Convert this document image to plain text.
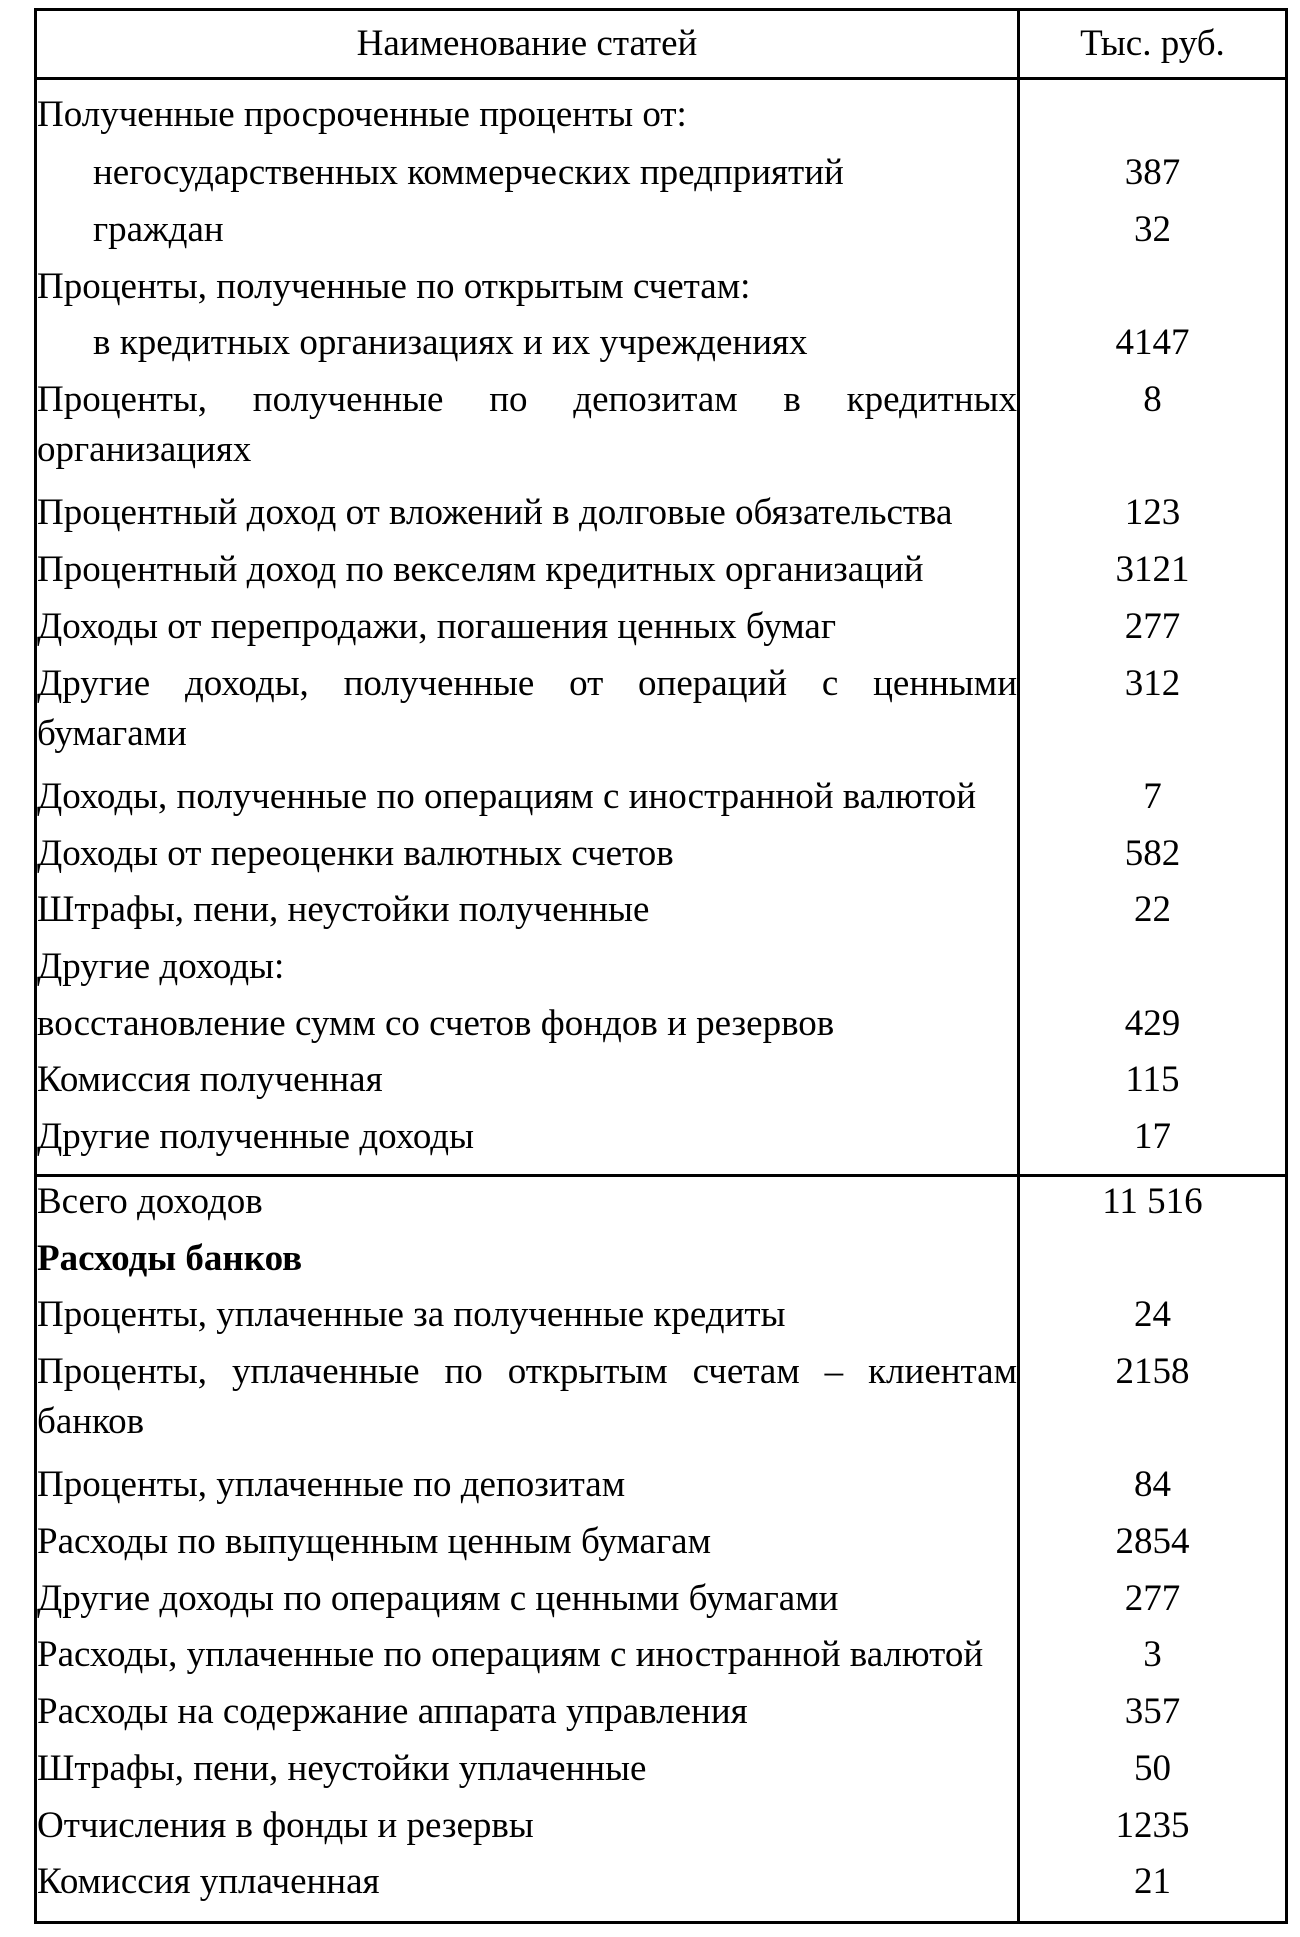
Наименование статей	Тыс. руб.
Полученные просроченные проценты от:	
негосударственных коммерческих предприятий	387
граждан	32
Проценты, полученные по открытым счетам:	
в кредитных организациях и их учреждениях	4147
Проценты, полученные по депозитам в кредитных организациях	8
Процентный доход от вложений в долговые обязательства	123
Процентный доход по векселям кредитных организаций	3121
Доходы от перепродажи, погашения ценных бумаг	277
Другие доходы, полученные от операций с ценными бумагами	312
Доходы, полученные по операциям с иностранной валютой	7
Доходы от переоценки валютных счетов	582
Штрафы, пени, неустойки полученные	22
Другие доходы:	
восстановление сумм со счетов фондов и резервов	429
Комиссия полученная	115
Другие полученные доходы	17
Всего доходов	11 516
Расходы банков	
Проценты, уплаченные за полученные кредиты	24
Проценты, уплаченные по открытым счетам – клиентам банков	2158
Проценты, уплаченные по депозитам	84
Расходы по выпущенным ценным бумагам	2854
Другие доходы по операциям с ценными бумагами	277
Расходы, уплаченные по операциям с иностранной валютой	3
Расходы на содержание аппарата управления	357
Штрафы, пени, неустойки уплаченные	50
Отчисления в фонды и резервы	1235
Комиссия уплаченная	21
